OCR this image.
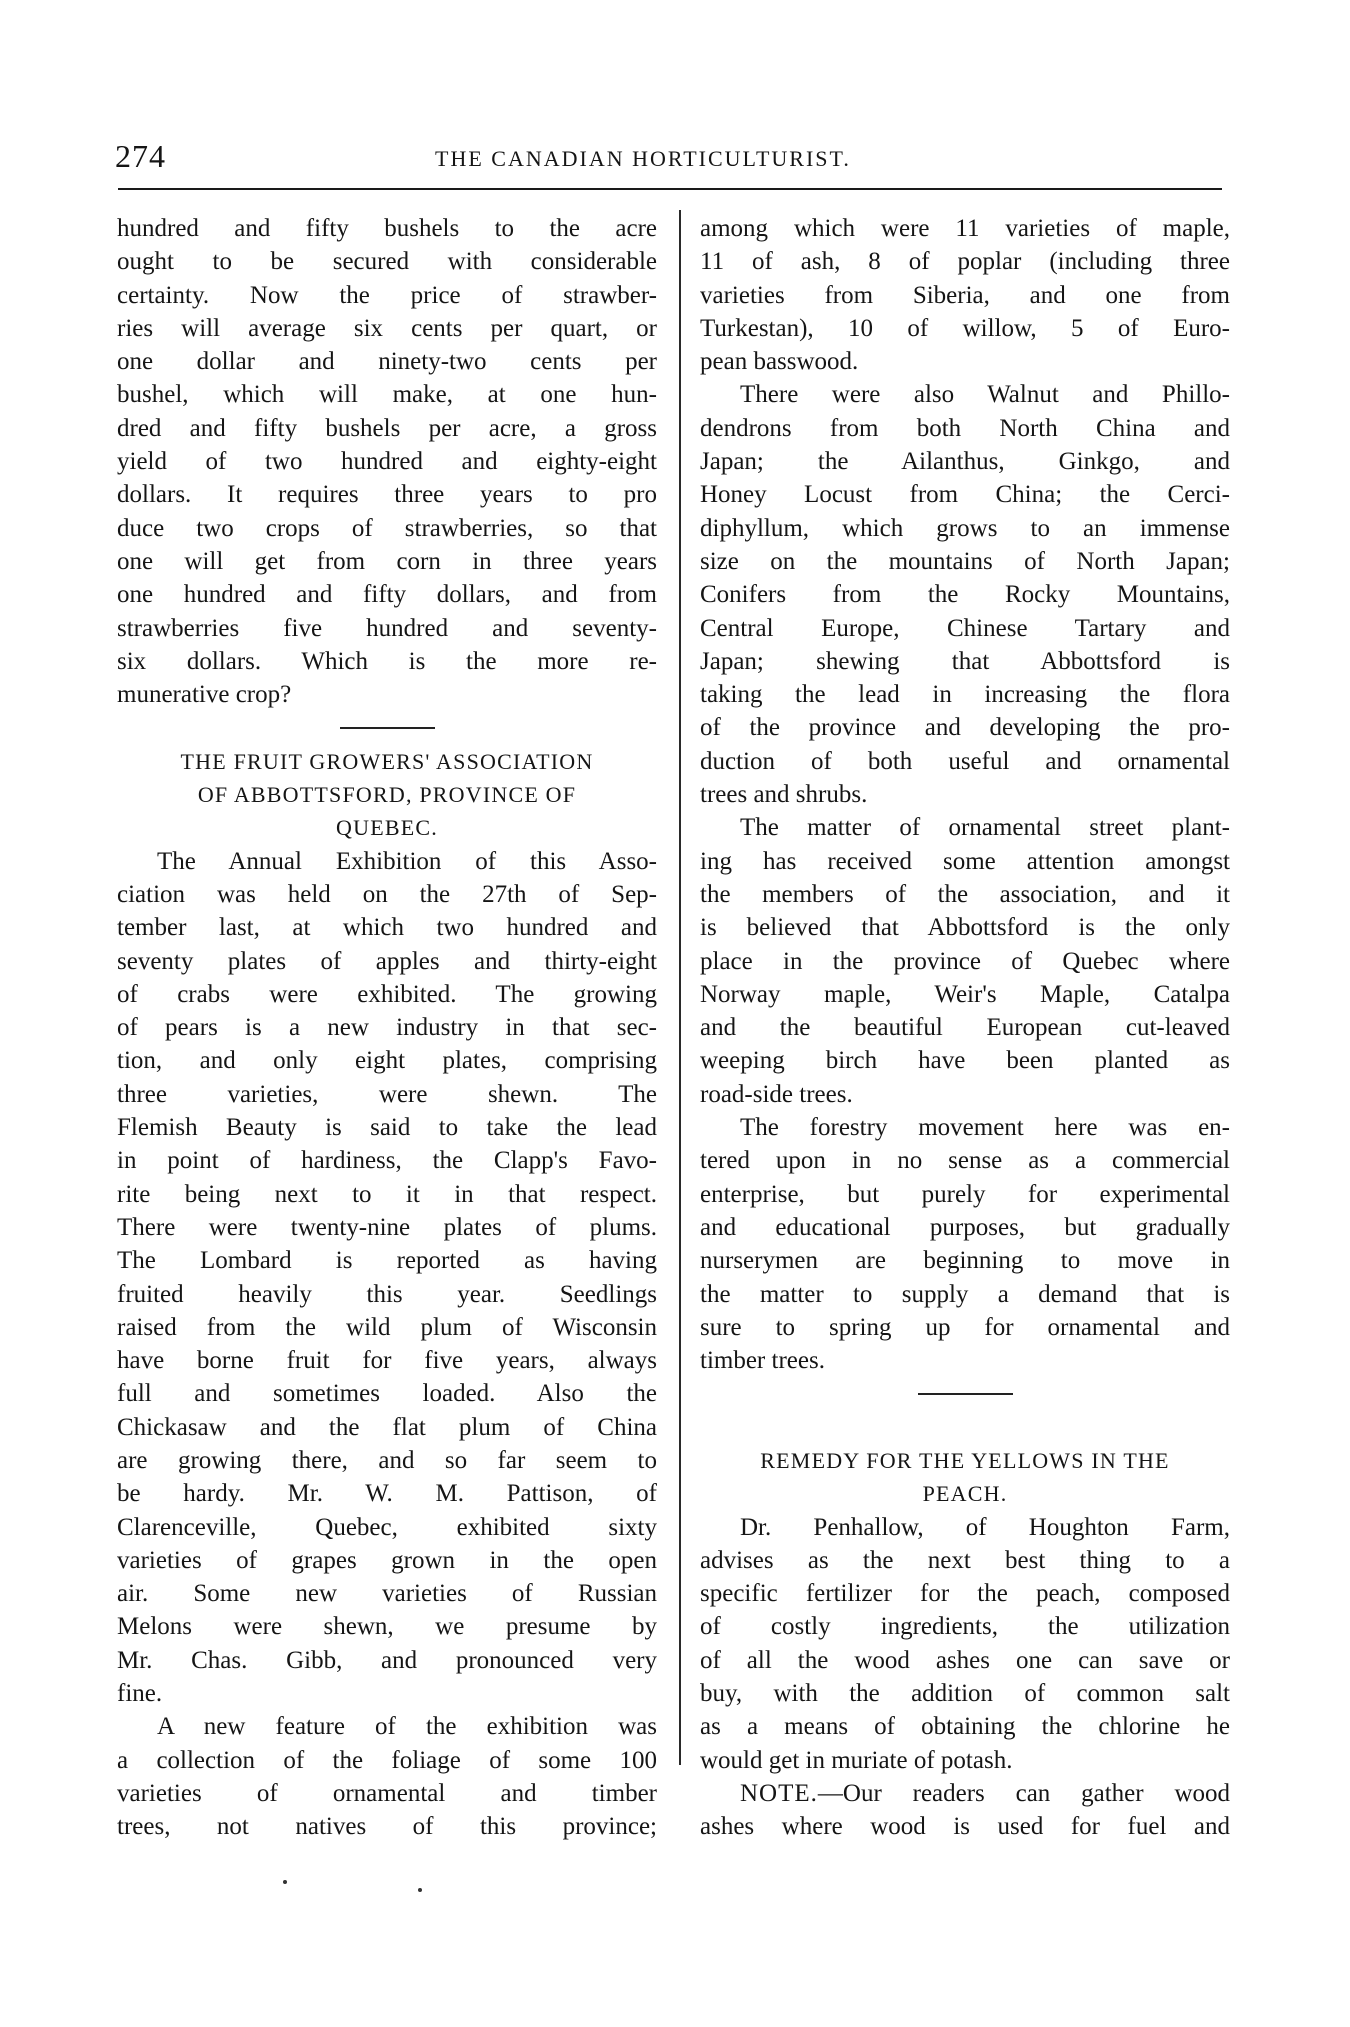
274	THE CANADIAN HORTICULTURIST.
hundred and fifty bushels to the acre
ought to be secured with considerable
certainty. Now the price of strawber-
ries will average six cents per quart, or
one dollar and ninety-two cents per
bushel, which will make, at one hun-
dred and fifty bushels per acre, a gross
yield of two hundred and eighty-eight
dollars. It requires three years to pro
duce two crops of strawberries, so that
one will get from corn in three years
one hundred and fifty dollars, and from
strawberries five hundred and seventy-
six dollars. Which is the more re-
munerative crop?
THE FRUIT GROWERS' ASSOCIATION
OF ABBOTTSFORD, PROVINCE OF
QUEBEC.
The Annual Exhibition of this Asso-
ciation was held on the 27th of Sep-
tember last, at which two hundred and
seventy plates of apples and thirty-eight
of crabs were exhibited. The growing
of pears is a new industry in that sec-
tion, and only eight plates, comprising
three varieties, were shewn. The
Flemish Beauty is said to take the lead
in point of hardiness, the Clapp's Favo-
rite being next to it in that respect.
There were twenty-nine plates of plums.
The Lombard is reported as having
fruited heavily this year. Seedlings
raised from the wild plum of Wisconsin
have borne fruit for five years, always
full and sometimes loaded. Also the
Chickasaw and the flat plum of China
are growing there, and so far seem to
be hardy. Mr. W. M. Pattison, of
Clarenceville, Quebec, exhibited sixty
varieties of grapes grown in the open
air. Some new varieties of Russian
Melons were shewn, we presume by
Mr. Chas. Gibb, and pronounced very
fine.
A new feature of the exhibition was
a collection of the foliage of some 100
varieties of ornamental and timber
trees, not natives of this province;
among which were 11 varieties of maple,
11 of ash, 8 of poplar (including three
varieties from Siberia, and one from
Turkestan), 10 of willow, 5 of Euro-
pean basswood.
There were also Walnut and Phillo-
dendrons from both North China and
Japan; the Ailanthus, Ginkgo, and
Honey Locust from China; the Cerci-
diphyllum, which grows to an immense
size on the mountains of North Japan;
Conifers from the Rocky Mountains,
Central Europe, Chinese Tartary and
Japan; shewing that Abbottsford is
taking the lead in increasing the flora
of the province and developing the pro-
duction of both useful and ornamental
trees and shrubs.
The matter of ornamental street plant-
ing has received some attention amongst
the members of the association, and it
is believed that Abbottsford is the only
place in the province of Quebec where
Norway maple, Weir's Maple, Catalpa
and the beautiful European cut-leaved
weeping birch have been planted as
road-side trees.
The forestry movement here was en-
tered upon in no sense as a commercial
enterprise, but purely for experimental
and educational purposes, but gradually
nurserymen are beginning to move in
the matter to supply a demand that is
sure to spring up for ornamental and
timber trees.
REMEDY FOR THE YELLOWS IN THE
PEACH.
Dr. Penhallow, of Houghton Farm,
advises as the next best thing to a
specific fertilizer for the peach, composed
of costly ingredients, the utilization
of all the wood ashes one can save or
buy, with the addition of common salt
as a means of obtaining the chlorine he
would get in muriate of potash.
NOTE.—Our readers can gather wood
ashes where wood is used for fuel and
